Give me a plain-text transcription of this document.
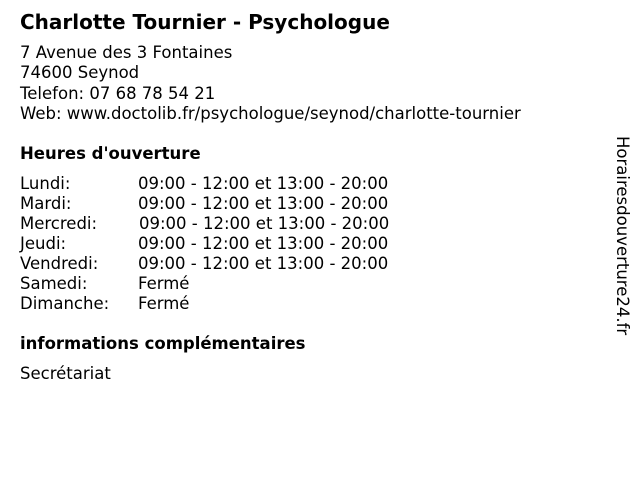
Charlotte Tournier - Psychologue
7 Avenue des 3 Fontaines
74600 Seynod
Telefon: 07 68 78 54 21
Web: www.doctolib.fr/psychologue/seynod/charlotte-tournier
Heures d'ouverture
Lundi:	09:00 - 12:00 et 13:00 - 20:00
Mardi:	09:00 - 12:00 et 13:00 - 20:00
Mercredi:	09:00 - 12:00 et 13:00 - 20:00
Jeudi:	09:00 - 12:00 et 13:00 - 20:00
Vendredi: 09:00 - 12:00 et 13:00 - 20:00
Samedi:	Fermé
Dimanche: Fermé
informations complémentaires
Secrétariat
Horairesdouverture24.fr
